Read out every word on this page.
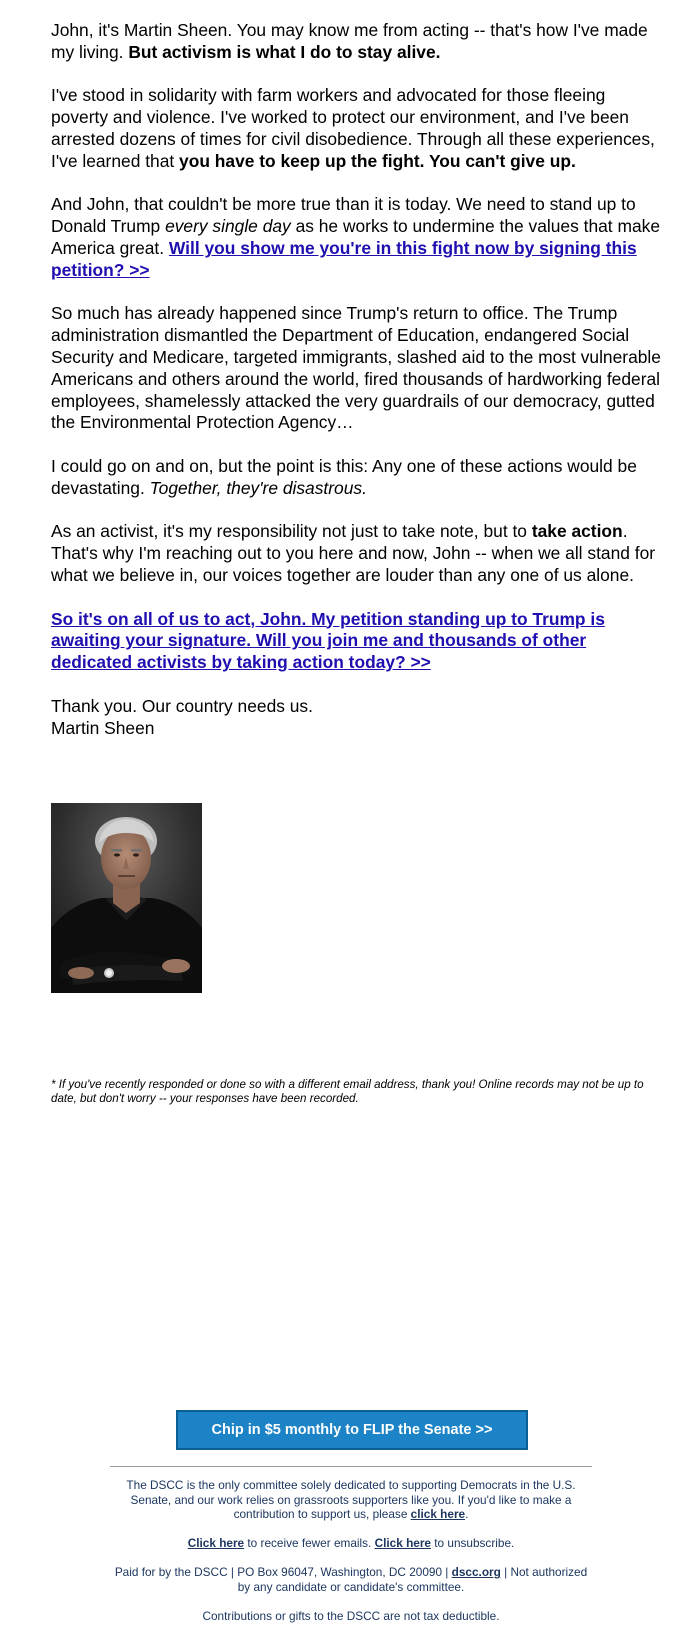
John, it's Martin Sheen. You may know me from acting -- that's how I've made my living. But activism is what I do to stay alive.

I've stood in solidarity with farm workers and advocated for those fleeing poverty and violence. I've worked to protect our environment, and I've been arrested dozens of times for civil disobedience. Through all these experiences, I've learned that you have to keep up the fight. You can't give up.

And John, that couldn't be more true than it is today. We need to stand up to Donald Trump every single day as he works to undermine the values that make America great. Will you show me you're in this fight now by signing this petition? >>

So much has already happened since Trump's return to office. The Trump administration dismantled the Department of Education, endangered Social Security and Medicare, targeted immigrants, slashed aid to the most vulnerable Americans and others around the world, fired thousands of hardworking federal employees, shamelessly attacked the very guardrails of our democracy, gutted the Environmental Protection Agency…

I could go on and on, but the point is this: Any one of these actions would be devastating. Together, they're disastrous.

As an activist, it's my responsibility not just to take note, but to take action. That's why I'm reaching out to you here and now, John -- when we all stand for what we believe in, our voices together are louder than any one of us alone.

So it's on all of us to act, John. My petition standing up to Trump is awaiting your signature. Will you join me and thousands of other dedicated activists by taking action today? >>

Thank you. Our country needs us.
Martin Sheen

* If you've recently responded or done so with a different email address, thank you! Online records may not be up to date, but don't worry -- your responses have been recorded.
Chip in $5 monthly to FLIP the Senate >>

The DSCC is the only committee solely dedicated to supporting Democrats in the U.S. Senate, and our work relies on grassroots supporters like you. If you'd like to make a contribution to support us, please click here.

Click here to receive fewer emails. Click here to unsubscribe.

Paid for by the DSCC | PO Box 96047, Washington, DC 20090 | dscc.org | Not authorized by any candidate or candidate's committee.

Contributions or gifts to the DSCC are not tax deductible.
